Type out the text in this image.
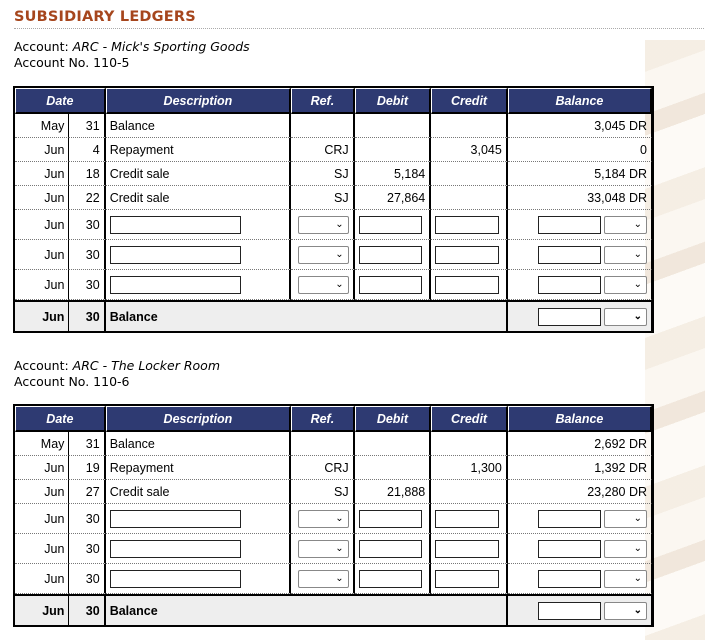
SUBSIDIARY LEDGERS
Account: ARC - Mick's Sporting Goods
Account No. 110-5
Date		Description	Ref.	Debit	Credit	Balance
May	31	Balance				3,045 DR
Jun	4	Repayment	CRJ		3,045	0
Jun	18	Credit sale	SJ	5,184		5,184 DR
Jun	22	Credit sale	SJ	27,864		33,048 DR
Jun	30		⌄			⌄

Jun	30		⌄			⌄

Jun	30		⌄			⌄

Jun	30	Balance				⌄
Account: ARC - The Locker Room
Account No. 110-6
Date		Description	Ref.	Debit	Credit	Balance
May	31	Balance				2,692 DR
Jun	19	Repayment	CRJ		1,300	1,392 DR
Jun	27	Credit sale	SJ	21,888		23,280 DR
Jun	30		⌄			⌄

Jun	30		⌄			⌄

Jun	30		⌄			⌄

Jun	30	Balance				⌄
